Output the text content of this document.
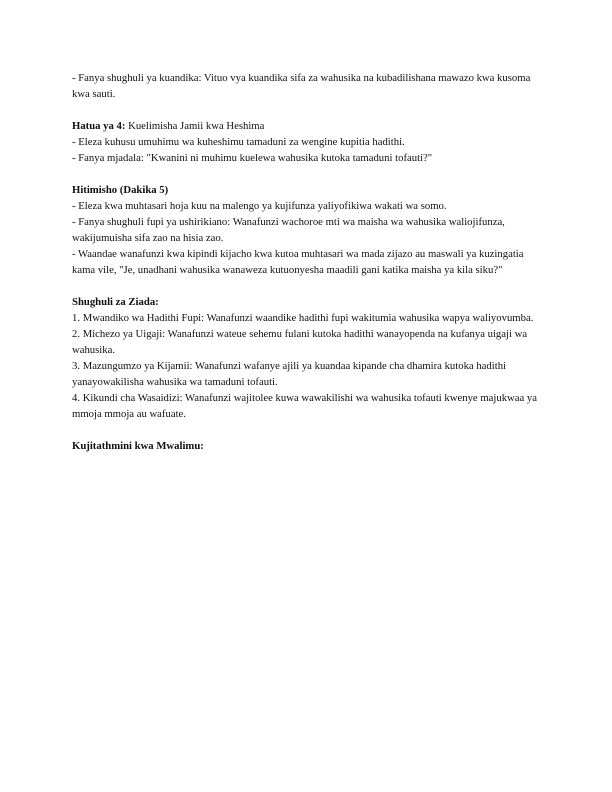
- Fanya shughuli ya kuandika: Vituo vya kuandika sifa za wahusika na kubadilishana mawazo kwa kusoma kwa sauti.

Hatua ya 4: Kuelimisha Jamii kwa Heshima

- Eleza kuhusu umuhimu wa kuheshimu tamaduni za wengine kupitia hadithi.

- Fanya mjadala: "Kwanini ni muhimu kuelewa wahusika kutoka tamaduni tofauti?"

Hitimisho (Dakika 5)

- Eleza kwa muhtasari hoja kuu na malengo ya kujifunza yaliyofikiwa wakati wa somo.

- Fanya shughuli fupi ya ushirikiano: Wanafunzi wachoroe mti wa maisha wa wahusika waliojifunza, wakijumuisha sifa zao na hisia zao.

- Waandae wanafunzi kwa kipindi kijacho kwa kutoa muhtasari wa mada zijazo au maswali ya kuzingatia kama vile, "Je, unadhani wahusika wanaweza kutuonyesha maadili gani katika maisha ya kila siku?"

Shughuli za Ziada:

1. Mwandiko wa Hadithi Fupi: Wanafunzi waandike hadithi fupi wakitumia wahusika wapya waliyovumba.

2. Michezo ya Uigaji: Wanafunzi wateue sehemu fulani kutoka hadithi wanayopenda na kufanya uigaji wa wahusika.

3. Mazungumzo ya Kijamii: Wanafunzi wafanye ajili ya kuandaa kipande cha dhamira kutoka hadithi yanayowakilisha wahusika wa tamaduni tofauti.

4. Kikundi cha Wasaidizi: Wanafunzi wajitolee kuwa wawakilishi wa wahusika tofauti kwenye majukwaa ya mmoja mmoja au wafuate.

Kujitathmini kwa Mwalimu:
